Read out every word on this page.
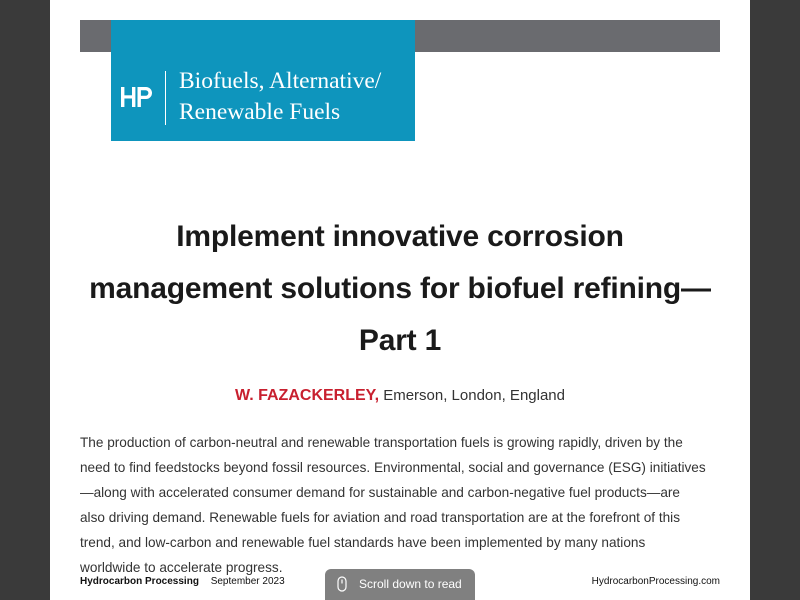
Biofuels, Alternative/
Renewable Fuels
Implement innovative corrosion
management solutions for biofuel refining—
Part 1
W. FAZACKERLEY, Emerson, London, England
The production of carbon-neutral and renewable transportation fuels is growing rapidly, driven by the
need to find feedstocks beyond fossil resources. Environmental, social and governance (ESG) initiatives
—along with accelerated consumer demand for sustainable and carbon-negative fuel products—are
also driving demand. Renewable fuels for aviation and road transportation are at the forefront of this
trend, and low-carbon and renewable fuel standards have been implemented by many nations
worldwide to accelerate progress.
Hydrocarbon Processing September 2023	HydrocarbonProcessing.com
Scroll down to read
